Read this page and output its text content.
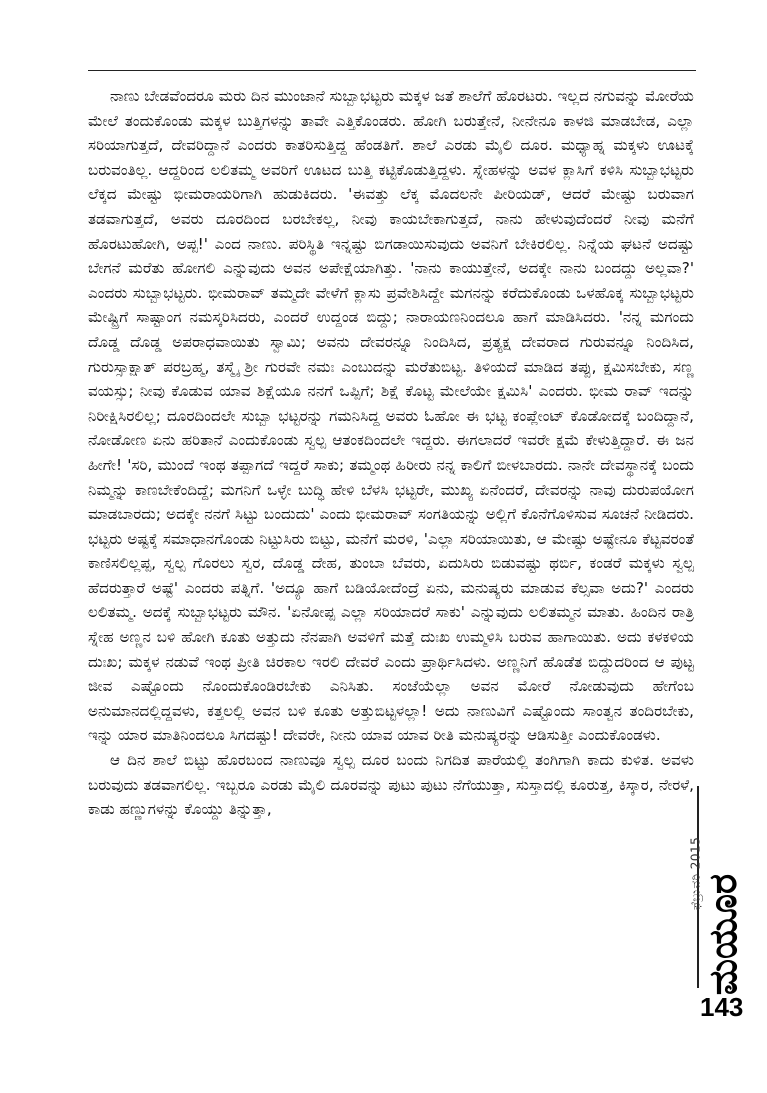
ನಾಣು ಬೇಡವೆಂದರೂ ಮರು ದಿನ ಮುಂಜಾನೆ ಸುಬ್ಬಾಭಟ್ಟರು ಮಕ್ಕಳ ಜತೆ ಶಾಲೆಗೆ ಹೊರಟರು. ಇಲ್ಲದ ನಗುವನ್ನು ಮೋರೆಯ ಮೇಲೆ ತಂದುಕೊಂಡು ಮಕ್ಕಳ ಬುತ್ತಿಗಳನ್ನು ತಾವೇ ಎತ್ತಿಕೊಂಡರು. ಹೋಗಿ ಬರುತ್ತೇನೆ, ನೀನೇನೂ ಕಾಳಜಿ ಮಾಡಬೇಡ, ಎಲ್ಲಾ ಸರಿಯಾಗುತ್ತದೆ, ದೇವರಿದ್ದಾನೆ ಎಂದರು ಕಾತರಿಸುತ್ತಿದ್ದ ಹೆಂಡತಿಗೆ. ಶಾಲೆ ಎರಡು ಮೈಲಿ ದೂರ. ಮಧ್ಯಾಹ್ನ ಮಕ್ಕಳು ಊಟಕ್ಕೆ ಬರುವಂತಿಲ್ಲ. ಆದ್ದರಿಂದ ಲಲಿತಮ್ಮ ಅವರಿಗೆ ಊಟದ ಬುತ್ತಿ ಕಟ್ಟಿಕೊಡುತ್ತಿದ್ದಳು. ಸ್ನೇಹಳನ್ನು ಅವಳ ಕ್ಲಾಸಿಗೆ ಕಳಿಸಿ ಸುಬ್ಬಾಭಟ್ಟರು ಲೆಕ್ಕದ ಮೇಷ್ಟು ಭೀಮರಾಯರಿಗಾಗಿ ಹುಡುಕಿದರು. 'ಈವತ್ತು ಲೆಕ್ಕ ಮೊದಲನೇ ಪೀರಿಯಡ್, ಆದರೆ ಮೇಷ್ಟು ಬರುವಾಗ ತಡವಾಗುತ್ತದೆ, ಅವರು ದೂರದಿಂದ ಬರಬೇಕಲ್ಲ, ನೀವು ಕಾಯಬೇಕಾಗುತ್ತದೆ, ನಾನು ಹೇಳುವುದೆಂದರೆ ನೀವು ಮನೆಗೆ ಹೊರಟುಹೋಗಿ, ಅಪ್ಪ!' ಎಂದ ನಾಣು. ಪರಿಸ್ಥಿತಿ ಇನ್ನಷ್ಟು ಬಿಗಡಾಯಿಸುವುದು ಅವನಿಗೆ ಬೇಕಿರಲಿಲ್ಲ. ನಿನ್ನೆಯ ಘಟನೆ ಅದಷ್ಟು ಬೇಗನೆ ಮರೆತು ಹೋಗಲಿ ಎನ್ನುವುದು ಅವನ ಅಪೇಕ್ಷೆಯಾಗಿತ್ತು. 'ನಾನು ಕಾಯುತ್ತೇನೆ, ಅದಕ್ಕೇ ನಾನು ಬಂದದ್ದು ಅಲ್ಲವಾ?' ಎಂದರು ಸುಬ್ಬಾಭಟ್ಟರು. ಭೀಮರಾವ್ ತಮ್ಮದೇ ವೇಳೆಗೆ ಕ್ಲಾಸು ಪ್ರವೇಶಿಸಿದ್ದೇ ಮಗನನ್ನು ಕರೆದುಕೊಂಡು ಒಳಹೊಕ್ಕ ಸುಬ್ಬಾಭಟ್ಟರು ಮೇಷ್ಟ್ರಿಗೆ ಸಾಷ್ಟಾಂಗ ನಮಸ್ಕರಿಸಿದರು, ಎಂದರೆ ಉದ್ದಂಡ ಬಿದ್ದು; ನಾರಾಯಣನಿಂದಲೂ ಹಾಗೆ ಮಾಡಿಸಿದರು. 'ನನ್ನ ಮಗಂದು ದೊಡ್ಡ ದೊಡ್ಡ ಅಪರಾಧವಾಯಿತು ಸ್ವಾಮಿ; ಅವನು ದೇವರನ್ನೂ ನಿಂದಿಸಿದ, ಪ್ರತ್ಯಕ್ಷ ದೇವರಾದ ಗುರುವನ್ನೂ ನಿಂದಿಸಿದ, ಗುರುಸ್ಸಾಕ್ಷಾತ್ ಪರಬ್ರಹ್ಮ, ತಸ್ಮೈ ಶ್ರೀ ಗುರವೇ ನಮಃ ಎಂಬುದನ್ನು ಮರೆತುಬಿಟ್ಟ. ತಿಳಿಯದೆ ಮಾಡಿದ ತಪ್ಪು, ಕ್ಷಮಿಸಬೇಕು, ಸಣ್ಣ ವಯಸ್ಸು; ನೀವು ಕೊಡುವ ಯಾವ ಶಿಕ್ಷೆಯೂ ನನಗೆ ಒಪ್ಪಿಗೆ; ಶಿಕ್ಷೆ ಕೊಟ್ಟ ಮೇಲೆಯೇ ಕ್ಷಮಿಸಿ' ಎಂದರು. ಭೀಮ ರಾವ್ ಇದನ್ನು ನಿರೀಕ್ಷಿಸಿರಲಿಲ್ಲ; ದೂರದಿಂದಲೇ ಸುಬ್ಬಾ ಭಟ್ಟರನ್ನು ಗಮನಿಸಿದ್ದ ಅವರು ಓಹೋ ಈ ಭಟ್ಟ ಕಂಪ್ಲೇಂಟ್ ಕೊಡೋದಕ್ಕೆ ಬಂದಿದ್ದಾನೆ, ನೋಡೋಣ ಏನು ಹರಿತಾನೆ ಎಂದುಕೊಂಡು ಸ್ವಲ್ಪ ಆತಂಕದಿಂದಲೇ ಇದ್ದರು. ಈಗಲಾದರೆ ಇವರೇ ಕ್ಷಮೆ ಕೇಳುತ್ತಿದ್ದಾರೆ. ಈ ಜನ ಹೀಗೇ! 'ಸರಿ, ಮುಂದೆ ಇಂಥ ತಪ್ಪಾಗದೆ ಇದ್ದರೆ ಸಾಕು; ತಮ್ಮಂಥ ಹಿರೀರು ನನ್ನ ಕಾಲಿಗೆ ಬೀಳಬಾರದು. ನಾನೇ ದೇವಸ್ಥಾನಕ್ಕೆ ಬಂದು ನಿಮ್ಮನ್ನು ಕಾಣಬೇಕೆಂದಿದ್ದೆ; ಮಗನಿಗೆ ಒಳ್ಳೇ ಬುದ್ಧಿ ಹೇಳಿ ಬೆಳಸಿ ಭಟ್ಟರೇ, ಮುಖ್ಯ ಏನೆಂದರೆ, ದೇವರನ್ನು ನಾವು ದುರುಪಯೋಗ ಮಾಡಬಾರದು; ಅದಕ್ಕೇ ನನಗೆ ಸಿಟ್ಟು ಬಂದುದು' ಎಂದು ಭೀಮರಾವ್ ಸಂಗತಿಯನ್ನು ಅಲ್ಲಿಗೆ ಕೊನೆಗೊಳಿಸುವ ಸೂಚನೆ ನೀಡಿದರು. ಭಟ್ಟರು ಅಷ್ಟಕ್ಕೆ ಸಮಾಧಾನಗೊಂಡು ನಿಟ್ಟುಸಿರು ಬಿಟ್ಟು, ಮನೆಗೆ ಮರಳಿ, 'ಎಲ್ಲಾ ಸರಿಯಾಯಿತು, ಆ ಮೇಷ್ಟು ಅಷ್ಟೇನೂ ಕೆಟ್ಟವರಂತೆ ಕಾಣಿಸಲಿಲ್ಲಪ್ಪ, ಸ್ವಲ್ಪ ಗೊರಲು ಸ್ವರ, ದೊಡ್ಡ ದೇಹ, ತುಂಬಾ ಬೆವರು, ಏದುಸಿರು ಬಿಡುವಷ್ಟು ಥರ್ಬಿ, ಕಂಡರೆ ಮಕ್ಕಳು ಸ್ವಲ್ಪ ಹೆದರುತ್ತಾರೆ ಅಷ್ಟೆ' ಎಂದರು ಪತ್ನಿಗೆ. 'ಅದ್ಯೂ ಹಾಗೆ ಬಡಿಯೋದೆಂದ್ರೆ ಏನು, ಮನುಷ್ಯರು ಮಾಡುವ ಕೆಲ್ಸವಾ ಅದು?' ಎಂದರು ಲಲಿತಮ್ಮ. ಅದಕ್ಕೆ ಸುಬ್ಬಾಭಟ್ಟರು ಮೌನ. 'ಏನೋಪ್ಪ ಎಲ್ಲಾ ಸರಿಯಾದರೆ ಸಾಕು' ಎನ್ನುವುದು ಲಲಿತಮ್ಮನ ಮಾತು. ಹಿಂದಿನ ರಾತ್ರಿ ಸ್ನೇಹ ಅಣ್ಣನ ಬಳಿ ಹೋಗಿ ಕೂತು ಅತ್ತುದು ನೆನಪಾಗಿ ಅವಳಿಗೆ ಮತ್ತೆ ದುಃಖ ಉಮ್ಮಳಿಸಿ ಬರುವ ಹಾಗಾಯಿತು. ಅದು ಕಳಕಳಿಯ ದುಃಖ; ಮಕ್ಕಳ ನಡುವೆ ಇಂಥ ಪ್ರೀತಿ ಚಿರಕಾಲ ಇರಲಿ ದೇವರೆ ಎಂದು ಪ್ರಾರ್ಥಿಸಿದಳು. ಅಣ್ಣನಿಗೆ ಹೊಡೆತ ಬಿದ್ದುದರಿಂದ ಆ ಪುಟ್ಟ ಜೀವ ಎಷ್ಟೊಂದು ನೊಂದುಕೊಂಡಿರಬೇಕು ಎನಿಸಿತು. ಸಂಜೆಯೆಲ್ಲಾ ಅವನ ಮೋರೆ ನೋಡುವುದು ಹೇಗೆಂಬ ಅನುಮಾನದಲ್ಲಿದ್ದವಳು, ಕತ್ತಲಲ್ಲಿ ಅವನ ಬಳಿ ಕೂತು ಅತ್ತುಬಿಟ್ಟಳಲ್ಲಾ! ಅದು ನಾಣುವಿಗೆ ಎಷ್ಟೊಂದು ಸಾಂತ್ವನ ತಂದಿರಬೇಕು, ಇನ್ನು ಯಾರ ಮಾತಿನಿಂದಲೂ ಸಿಗದಷ್ಟು! ದೇವರೇ, ನೀನು ಯಾವ ಯಾವ ರೀತಿ ಮನುಷ್ಯರನ್ನು ಆಡಿಸುತ್ತೀ ಎಂದುಕೊಂಡಳು.

ಆ ದಿನ ಶಾಲೆ ಬಿಟ್ಟು ಹೊರಬಂದ ನಾಣುವೂ ಸ್ವಲ್ಪ ದೂರ ಬಂದು ನಿಗದಿತ ಪಾರೆಯಲ್ಲಿ ತಂಗಿಗಾಗಿ ಕಾದು ಕುಳಿತ. ಅವಳು ಬರುವುದು ತಡವಾಗಲಿಲ್ಲ. ಇಬ್ಬರೂ ಎರಡು ಮೈಲಿ ದೂರವನ್ನು ಪುಟು ಪುಟು ನೆಗೆಯುತ್ತಾ, ಸುಸ್ತಾದಲ್ಲಿ ಕೂರುತ್ತ, ಕಿಸ್ಕಾರ, ನೇರಳೆ, ಕಾಡು ಹಣ್ಣುಗಳನ್ನು ಕೊಯ್ದು ತಿನ್ನುತ್ತಾ,

ಫೆಬ್ರುವರಿ 2015
ಮಯೂರ
143
